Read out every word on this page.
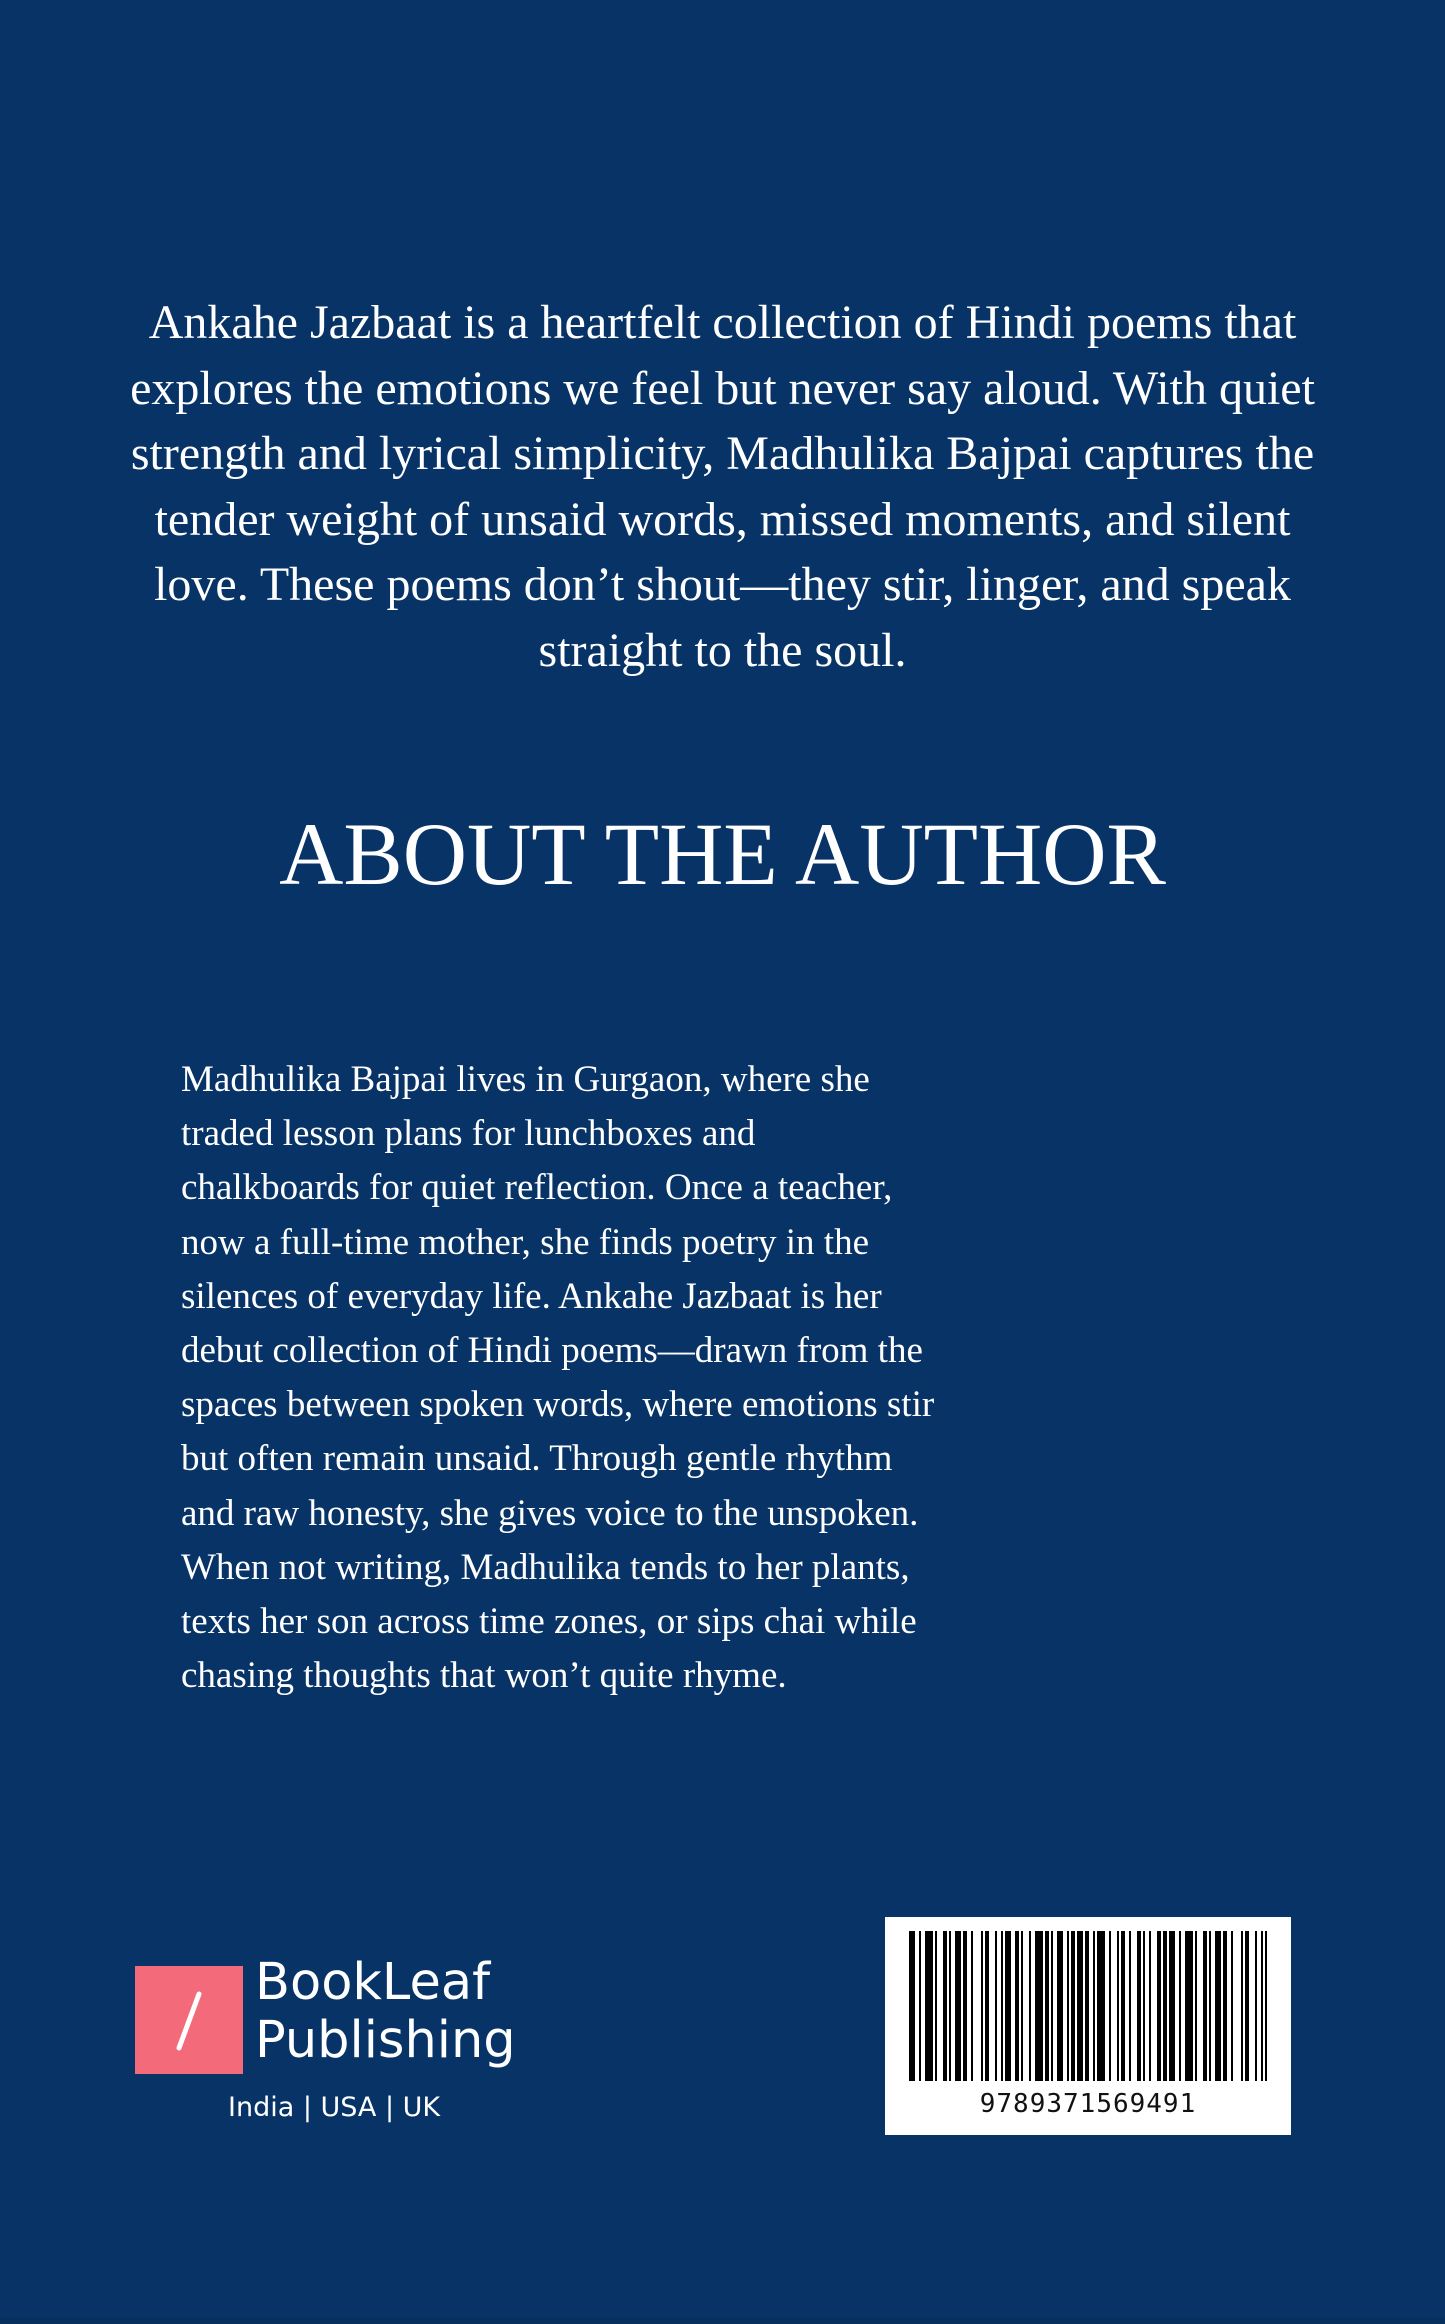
Ankahe Jazbaat is a heartfelt collection of Hindi poems that explores the emotions we feel but never say aloud. With quiet strength and lyrical simplicity, Madhulika Bajpai captures the tender weight of unsaid words, missed moments, and silent love. These poems don’t shout—they stir, linger, and speak straight to the soul.

ABOUT THE AUTHOR

Madhulika Bajpai lives in Gurgaon, where she traded lesson plans for lunchboxes and chalkboards for quiet reflection. Once a teacher, now a full-time mother, she finds poetry in the silences of everyday life. Ankahe Jazbaat is her debut collection of Hindi poems—drawn from the spaces between spoken words, where emotions stir but often remain unsaid. Through gentle rhythm and raw honesty, she gives voice to the unspoken. When not writing, Madhulika tends to her plants, texts her son across time zones, or sips chai while chasing thoughts that won’t quite rhyme.

BookLeaf
Publishing
India | USA | UK	9789371569491
